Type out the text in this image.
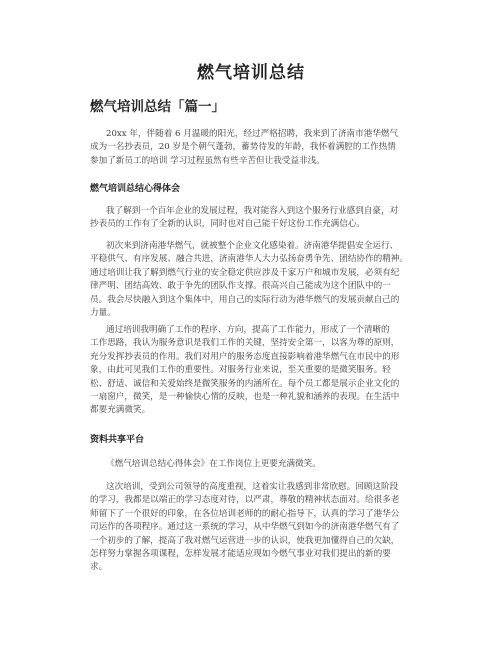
燃气培训总结
燃气培训总结「篇一」
20xx 年，伴随着 6 月温暖的阳光，经过严格招聘，我来到了济南市港华燃气
成为一名抄表员，20 岁是个朝气蓬勃，蓄势待发的年龄，我怀着满腔的工作热情
参加了新员工的培训 学习过程虽然有些辛苦但让我受益非浅。
燃气培训总结心得体会
我了解到一个百年企业的发展过程，我对能容入到这个服务行业感到自豪，对
抄表员的工作有了全新的认识，同时也对自己能干好这份工作充满信心。
初次来到济南港华燃气，就被整个企业文化感染着。济南港华提倡安全运行、
平稳供气、有序发展、融合共进，济南港华人大力弘扬奋勇争先、团结协作的精神。
通过培训让我了解到燃气行业的安全稳定供应涉及千家万户和城市发展，必须有纪
律严明、团结高效、敢于争先的团队作支撑。很高兴自己能成为这个团队中的一
员。我会尽快融入到这个集体中，用自己的实际行动为港华燃气的发展贡献自己的
力量。
通过培训我明确了工作的程序、方向，提高了工作能力，形成了一个清晰的
工作思路，我认为服务意识是我们工作的关键，坚持安全第一，以客为尊的原则，
充分发挥抄表员的作用。我们对用户的服务态度直接影响着港华燃气在市民中的形
象，由此可见我们工作的重要性。对服务行业来说，至关重要的是微笑服务。轻
松、舒适、诚信和关爱始终是微笑服务的内涵所在。每个员工都是展示企业文化的
一扇窗户，微笑，是一种愉快心情的反映，也是一种礼貌和涵养的表现。在生活中
都要充满微笑。
资料共享平台
《燃气培训总结心得体会》在工作岗位上更要充满微笑。
这次培训，受到公司领导的高度重视，这着实让我感到非常欣慰。回顾这阶段
的学习，我都是以端正的学习态度对待，以严肃，尊敬的精神状态面对。给很多老
师留下了一个很好的印象，在各位培训老师的的耐心指导下，认真的学习了港华公
司运作的各项程序。通过这一系统的学习，从中华燃气到如今的济南港华燃气有了
一个初步的了解，提高了我对燃气运营进一步的认识，使我更加懂得自己的欠缺，
怎样努力掌握各项课程，怎样发展才能适应现如今燃气事业对我们提出的新的要
求。
